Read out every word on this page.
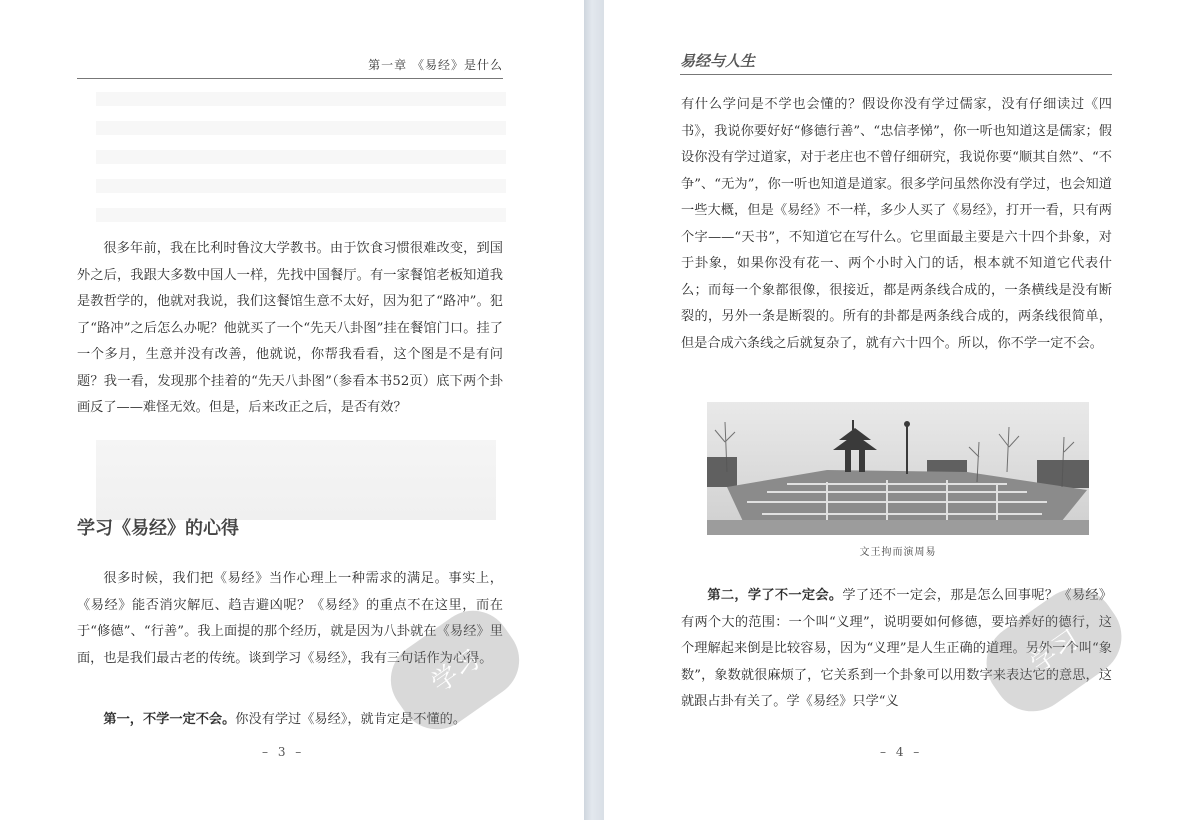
第一章 《易经》是什么

很多年前，我在比利时鲁汶大学教书。由于饮食习惯很难改变，到国外之后，我跟大多数中国人一样，先找中国餐厅。有一家餐馆老板知道我是教哲学的，他就对我说，我们这餐馆生意不太好，因为犯了“路冲”。犯了“路冲”之后怎么办呢？他就买了一个“先天八卦图”挂在餐馆门口。挂了一个多月，生意并没有改善，他就说，你帮我看看，这个图是不是有问题？我一看，发现那个挂着的“先天八卦图”（参看本书52页）底下两个卦画反了——难怪无效。但是，后来改正之后，是否有效？

学习《易经》的心得

很多时候，我们把《易经》当作心理上一种需求的满足。事实上，《易经》能否消灾解厄、趋吉避凶呢？《易经》的重点不在这里，而在于“修德”、“行善”。我上面提的那个经历，就是因为八卦就在《易经》里面，也是我们最古老的传统。谈到学习《易经》，我有三句话作为心得。

第一，不学一定不会。你没有学过《易经》，就肯定是不懂的。

– 3 –
学习
易经与人生

有什么学问是不学也会懂的？假设你没有学过儒家，没有仔细读过《四书》，我说你要好好“修德行善”、“忠信孝悌”，你一听也知道这是儒家；假设你没有学过道家，对于老庄也不曾仔细研究，我说你要“顺其自然”、“不争”、“无为”，你一听也知道是道家。很多学问虽然你没有学过，也会知道一些大概，但是《易经》不一样，多少人买了《易经》，打开一看，只有两个字——“天书”，不知道它在写什么。它里面最主要是六十四个卦象，对于卦象，如果你没有花一、两个小时入门的话，根本就不知道它代表什么；而每一个象都很像，很接近，都是两条线合成的，一条横线是没有断裂的，另外一条是断裂的。所有的卦都是两条线合成的，两条线很简单，但是合成六条线之后就复杂了，就有六十四个。所以，你不学一定不会。

第二，学了不一定会。学了还不一定会，那是怎么回事呢？《易经》有两个大的范围：一个叫“义理”，说明要如何修德，要培养好的德行，这个理解起来倒是比较容易，因为“义理”是人生正确的道理。另外一个叫“象数”，象数就很麻烦了，它关系到一个卦象可以用数字来表达它的意思，这就跟占卦有关了。学《易经》只学“义

– 4 –
学习
文王拘而演周易
